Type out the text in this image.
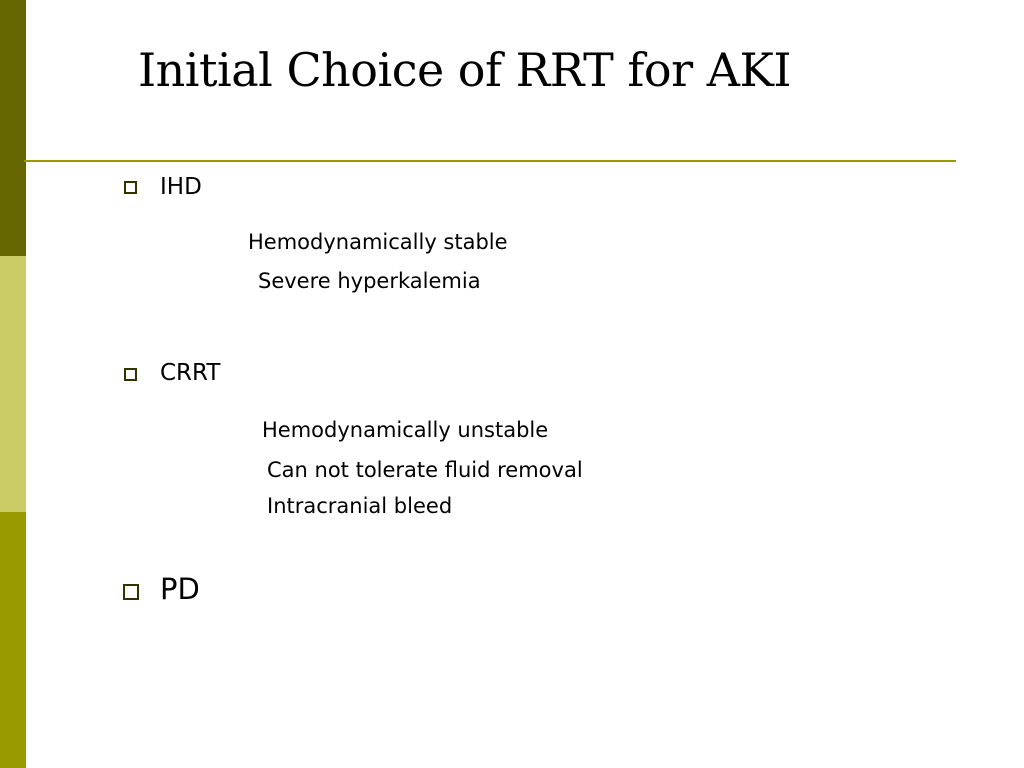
Initial Choice of RRT for AKI
IHD
Hemodynamically stable
Severe hyperkalemia
CRRT
Hemodynamically unstable
Can not tolerate fluid removal
Intracranial bleed
PD
